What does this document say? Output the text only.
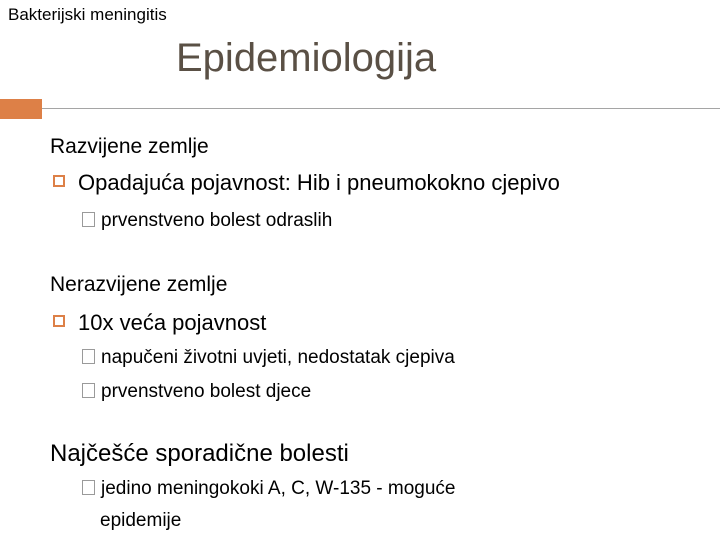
Bakterijski meningitis
Epidemiologija
Razvijene zemlje
Opadajuća pojavnost: Hib i pneumokokno cjepivo
prvenstveno bolest odraslih
Nerazvijene zemlje
10x veća pojavnost
napučeni životni uvjeti, nedostatak cjepiva
prvenstveno bolest djece
Najčešće sporadične bolesti
jedino meningokoki A, C, W-135 - moguće
epidemije
